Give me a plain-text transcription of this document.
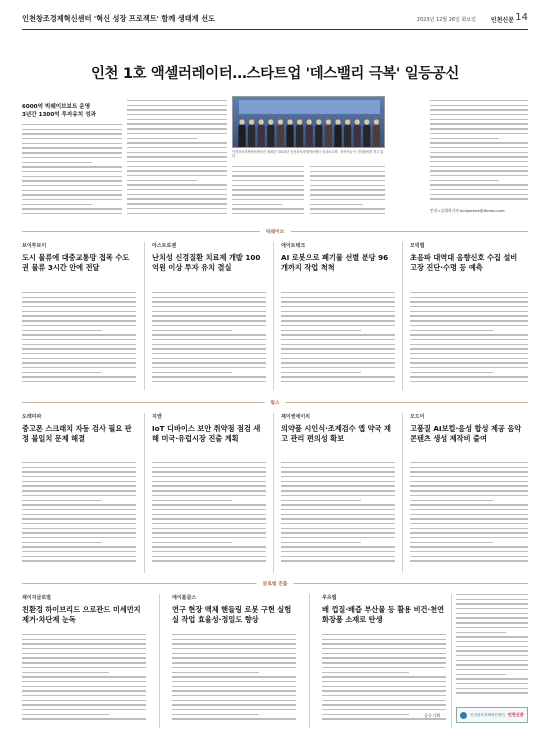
인천창조경제혁신센터 '혁신 성장 프로젝트' 함께 생태계 선도	2023년 12월 26일 화요일 인천신문 14
인천 1호 액셀러레이터…스타트업 '데스밸리 극복' 일등공신
6000억 빅웨이브보트 운영
3년간 1300억 투자유치 성과
인천창조경제혁신센터가 개최한 '2023년 인천창조경제혁신센터 성과보고회'. 참석자들이 기념촬영을 하고 있다.
인천=김재희기자 kimjaehee@itimes.com
빅웨이브
브이투브이
도시 물류에 대중교통망 접목 수도권 물류 3시간 안에 전달
아스트로젠
난치성 신경질환 치료제 개발 100억원 이상 투자 유치 결실
에이트테크
AI 로봇으로 폐기물 선별 분당 96개까지 작업 척척
모빅랩
초음파 대역대 음향신호 수집 설비 고장 진단·수명 등 예측
빌스
도래미파
중고폰 스크래치 자동 검사 필요 판정 불일치 문제 해결
지앤
IoT 디바이스 보안 취약점 점검 새해 미국·유럽시장 진출 계획
제이엔에이치
의약품 시인식·조제검수 앱 약국 재고 관리 편의성 확보
오드이
고품질 AI보컬·음성 합성 제공 음악 콘텐츠 생성 제작비 줄여
글로벌 진출
제이지글로벌
친환경 하이브리드 으로관드 미세먼지 제거·차단제 눈독
에이블클스
연구 현장 액체 핸들링 로봇 구현 실험실 작업 효율성·정밀도 향상
루츠랩
배 껍질·배즙 부산물 등 활용 비건·천연화장품 소재로 탄생
인천창조경제혁신센터 인천신문
공동기획
